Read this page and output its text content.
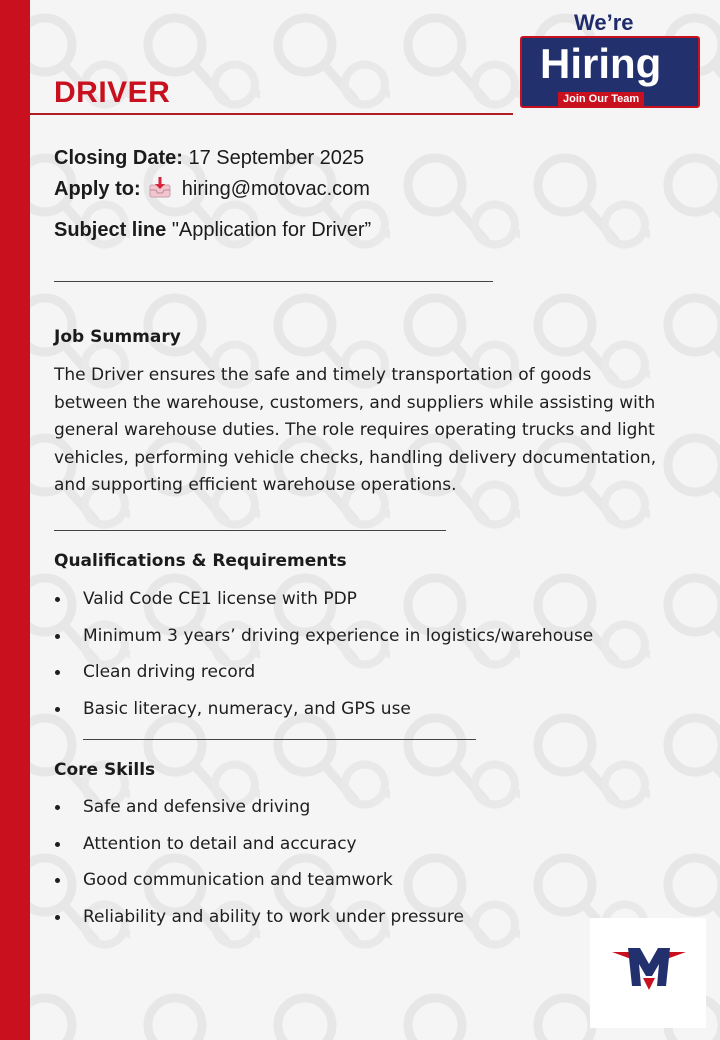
DRIVER
We’re
Hiring
Join Our Team
Closing Date: 17 September 2025
Apply to: hiring@motovac.com
Subject line "Application for Driver”
Job Summary

The Driver ensures the safe and timely transportation of goods between the warehouse, customers, and suppliers while assisting with general warehouse duties. The role requires operating trucks and light vehicles, performing vehicle checks, handling delivery documentation, and supporting efficient warehouse operations.

Qualifications & Requirements
Valid Code CE1 license with PDP
Minimum 3 years’ driving experience in logistics/warehouse
Clean driving record
Basic literacy, numeracy, and GPS use
Core Skills
Safe and defensive driving
Attention to detail and accuracy
Good communication and teamwork
Reliability and ability to work under pressure
